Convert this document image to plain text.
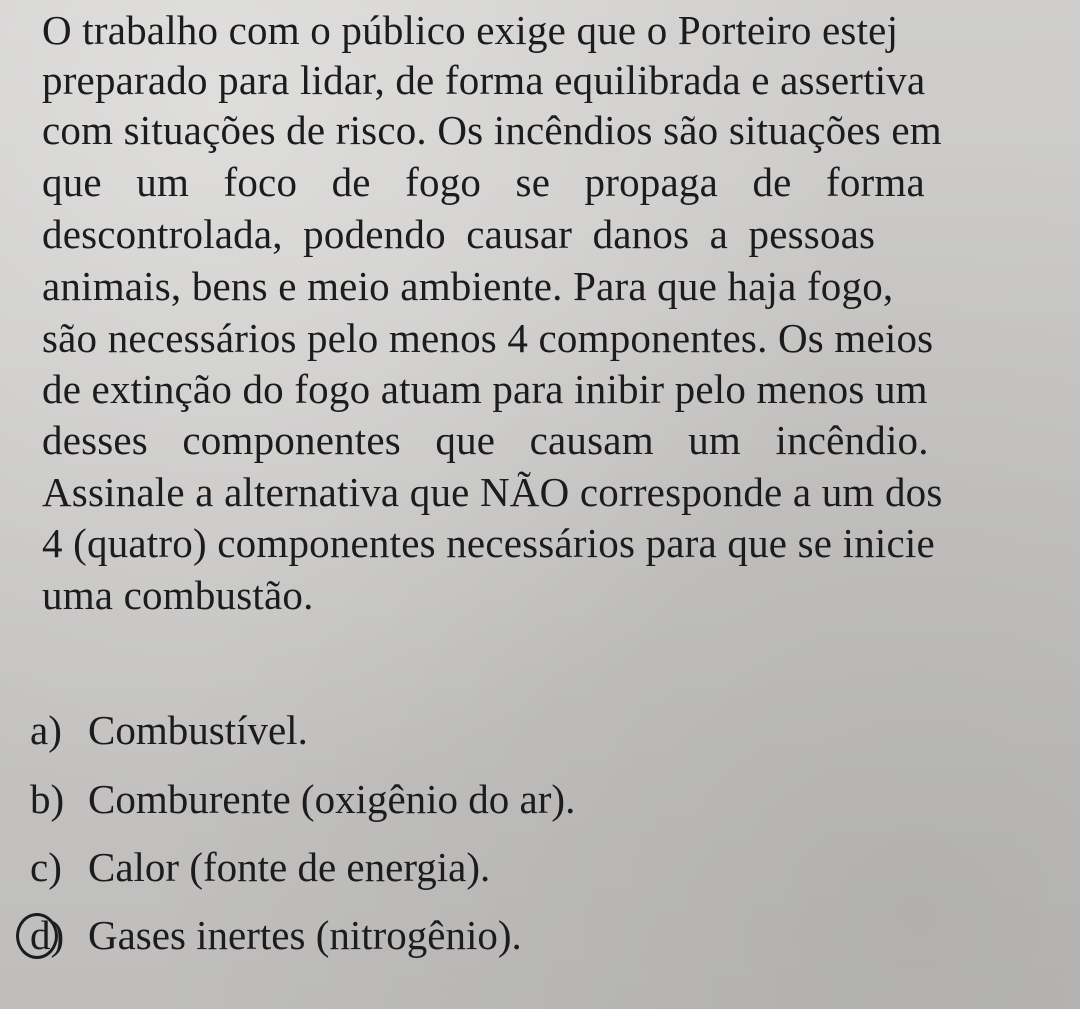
O trabalho com o público exige que o Porteiro estej
preparado para lidar, de forma equilibrada e assertiva
com situações de risco. Os incêndios são situações em
que um foco de fogo se propaga de forma
descontrolada, podendo causar danos a pessoas
animais, bens e meio ambiente. Para que haja fogo,
são necessários pelo menos 4 componentes. Os meios
de extinção do fogo atuam para inibir pelo menos um
desses componentes que causam um incêndio.
Assinale a alternativa que NÃO corresponde a um dos
4 (quatro) componentes necessários para que se inicie
uma combustão.
a) Combustível.
b) Comburente (oxigênio do ar).
c) Calor (fonte de energia).
d) Gases inertes (nitrogênio).
